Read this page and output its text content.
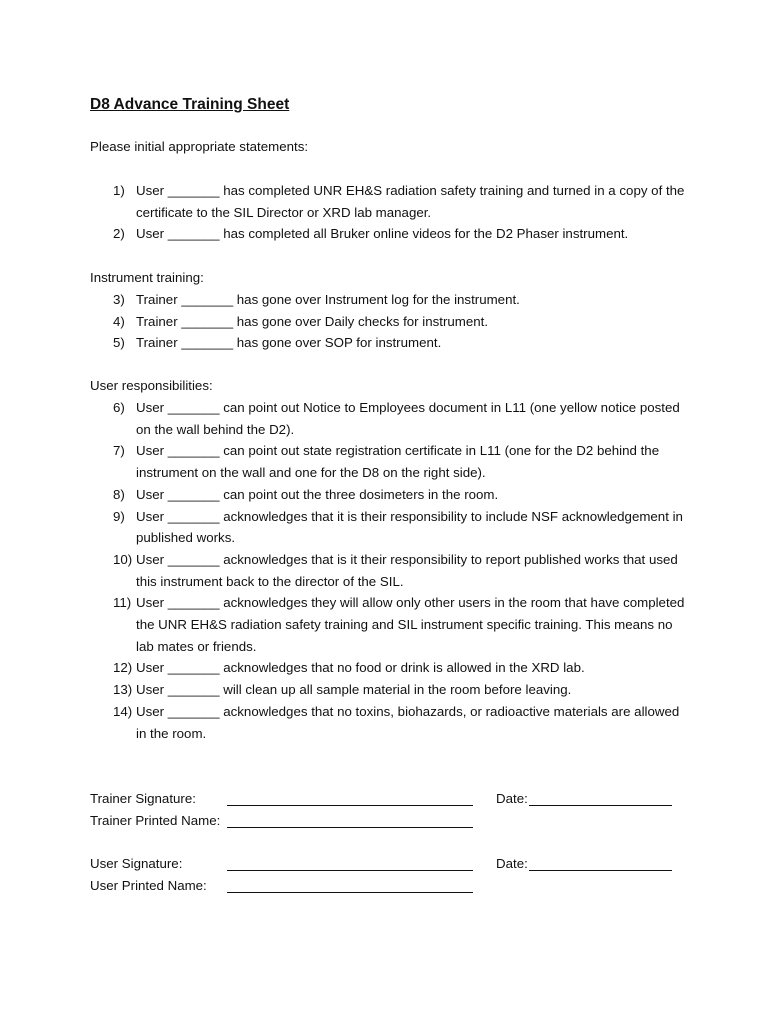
D8 Advance Training Sheet
Please initial appropriate statements:
1) User _______ has completed UNR EH&S radiation safety training and turned in a copy of the certificate to the SIL Director or XRD lab manager.
2) User _______ has completed all Bruker online videos for the D2 Phaser instrument.
Instrument training:
3) Trainer _______ has gone over Instrument log for the instrument.
4) Trainer _______ has gone over Daily checks for instrument.
5) Trainer _______ has gone over SOP for instrument.
User responsibilities:
6) User _______ can point out Notice to Employees document in L11 (one yellow notice posted on the wall behind the D2).
7) User _______ can point out state registration certificate in L11 (one for the D2 behind the instrument on the wall and one for the D8 on the right side).
8) User _______ can point out the three dosimeters in the room.
9) User _______ acknowledges that it is their responsibility to include NSF acknowledgement in published works.
10) User _______ acknowledges that is it their responsibility to report published works that used this instrument back to the director of the SIL.
11) User _______ acknowledges they will allow only other users in the room that have completed the UNR EH&S radiation safety training and SIL instrument specific training. This means no lab mates or friends.
12) User _______ acknowledges that no food or drink is allowed in the XRD lab.
13) User _______ will clean up all sample material in the room before leaving.
14) User _______ acknowledges that no toxins, biohazards, or radioactive materials are allowed in the room.
Trainer Signature:	Date:
Trainer Printed Name:
User Signature:	Date:
User Printed Name:
